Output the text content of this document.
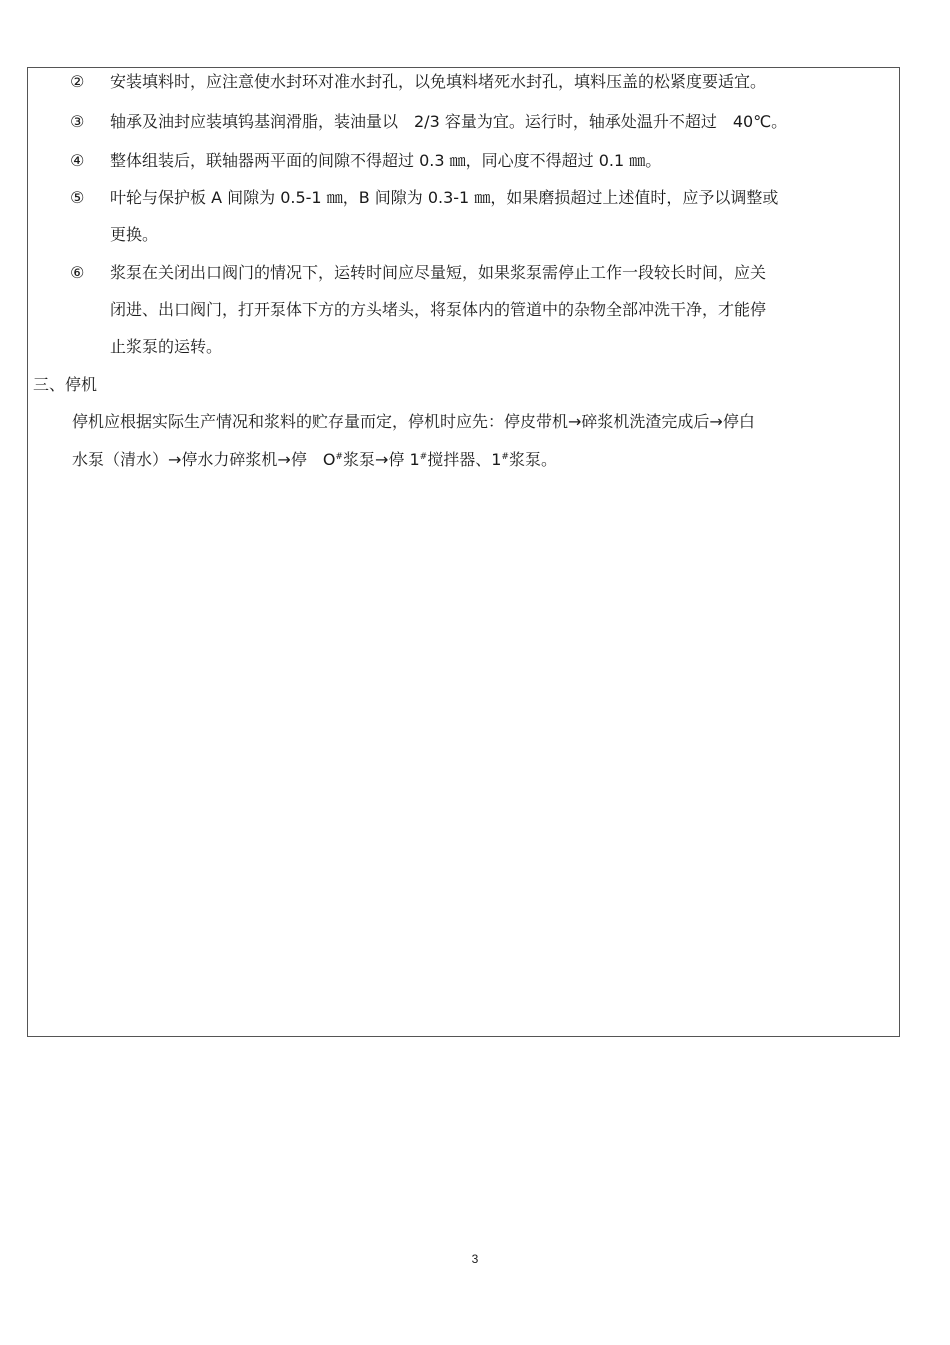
② 安装填料时，应注意使水封环对准水封孔，以免填料堵死水封孔，填料压盖的松紧度要适宜。
③ 轴承及油封应装填钨基润滑脂，装油量以　2/3 容量为宜。运行时，轴承处温升不超过　40℃。
④ 整体组装后，联轴器两平面的间隙不得超过 0.3 ㎜，同心度不得超过 0.1 ㎜。
⑤ 叶轮与保护板 A 间隙为 0.5-1 ㎜，B 间隙为 0.3-1 ㎜，如果磨损超过上述值时，应予以调整或
更换。
⑥ 浆泵在关闭出口阀门的情况下，运转时间应尽量短，如果浆泵需停止工作一段较长时间，应关
闭进、出口阀门，打开泵体下方的方头堵头，将泵体内的管道中的杂物全部冲洗干净，才能停
止浆泵的运转。
三、停机
停机应根据实际生产情况和浆料的贮存量而定，停机时应先：停皮带机→碎浆机洗渣完成后→停白
水泵（清水）→停水力碎浆机→停　O#浆泵→停 1#搅拌器、1#浆泵。
3
